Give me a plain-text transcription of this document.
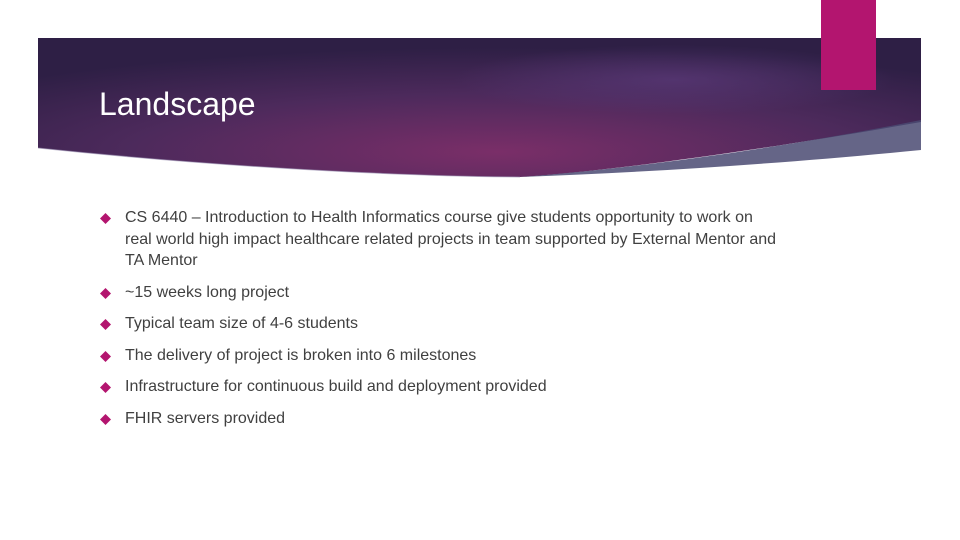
Landscape
CS 6440 – Introduction to Health Informatics course give students opportunity to work on real world high impact healthcare related projects in team supported by External Mentor and TA Mentor
~15 weeks long project
Typical team size of 4-6 students
The delivery of project is broken into 6 milestones
Infrastructure for continuous build and deployment provided
FHIR servers provided
